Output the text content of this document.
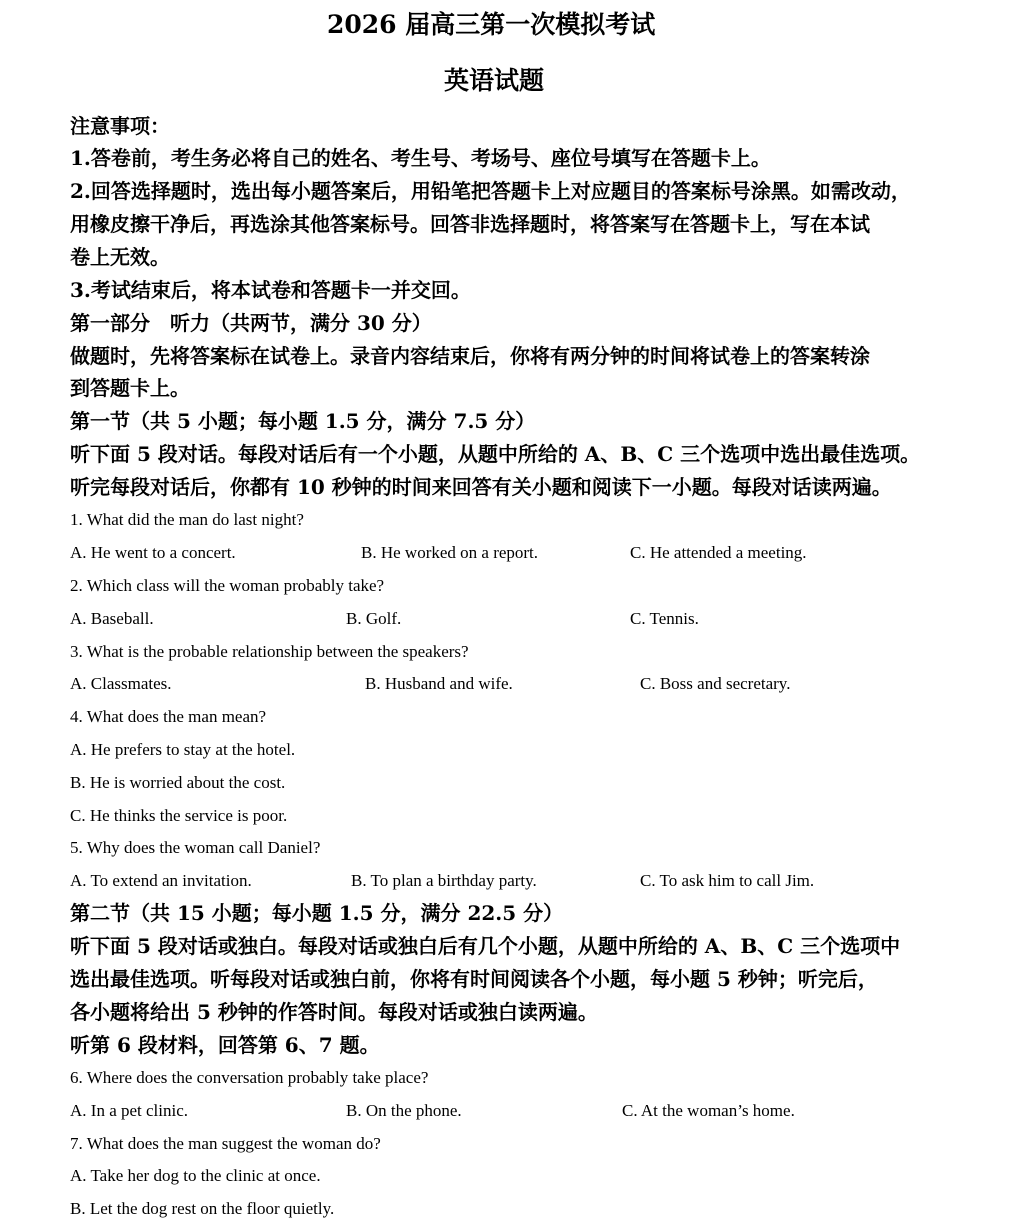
2026 届高三第一次模拟考试
英语试题
注意事项：
1.答卷前，考生务必将自己的姓名、考生号、考场号、座位号填写在答题卡上。
2.回答选择题时，选出每小题答案后，用铅笔把答题卡上对应题目的答案标号涂黑。如需改动，
用橡皮擦干净后，再选涂其他答案标号。回答非选择题时，将答案写在答题卡上，写在本试
卷上无效。
3.考试结束后，将本试卷和答题卡一并交回。
第一部分　听力（共两节，满分 30 分）
做题时，先将答案标在试卷上。录音内容结束后，你将有两分钟的时间将试卷上的答案转涂
到答题卡上。
第一节（共 5 小题；每小题 1.5 分，满分 7.5 分）
听下面 5 段对话。每段对话后有一个小题，从题中所给的 A、B、C 三个选项中选出最佳选项。
听完每段对话后，你都有 10 秒钟的时间来回答有关小题和阅读下一小题。每段对话读两遍。
1. What did the man do last night?
A. He went to a concert.	B. He worked on a report.	C. He attended a meeting.
2. Which class will the woman probably take?
A. Baseball.	B. Golf.	C. Tennis.
3. What is the probable relationship between the speakers?
A. Classmates.	B. Husband and wife.	C. Boss and secretary.
4. What does the man mean?
A. He prefers to stay at the hotel.
B. He is worried about the cost.
C. He thinks the service is poor.
5. Why does the woman call Daniel?
A. To extend an invitation.	B. To plan a birthday party.	C. To ask him to call Jim.
第二节（共 15 小题；每小题 1.5 分，满分 22.5 分）
听下面 5 段对话或独白。每段对话或独白后有几个小题，从题中所给的 A、B、C 三个选项中
选出最佳选项。听每段对话或独白前，你将有时间阅读各个小题，每小题 5 秒钟；听完后，
各小题将给出 5 秒钟的作答时间。每段对话或独白读两遍。
听第 6 段材料，回答第 6、7 题。
6. Where does the conversation probably take place?
A. In a pet clinic.	B. On the phone.	C. At the woman’s home.
7. What does the man suggest the woman do?
A. Take her dog to the clinic at once.
B. Let the dog rest on the floor quietly.
